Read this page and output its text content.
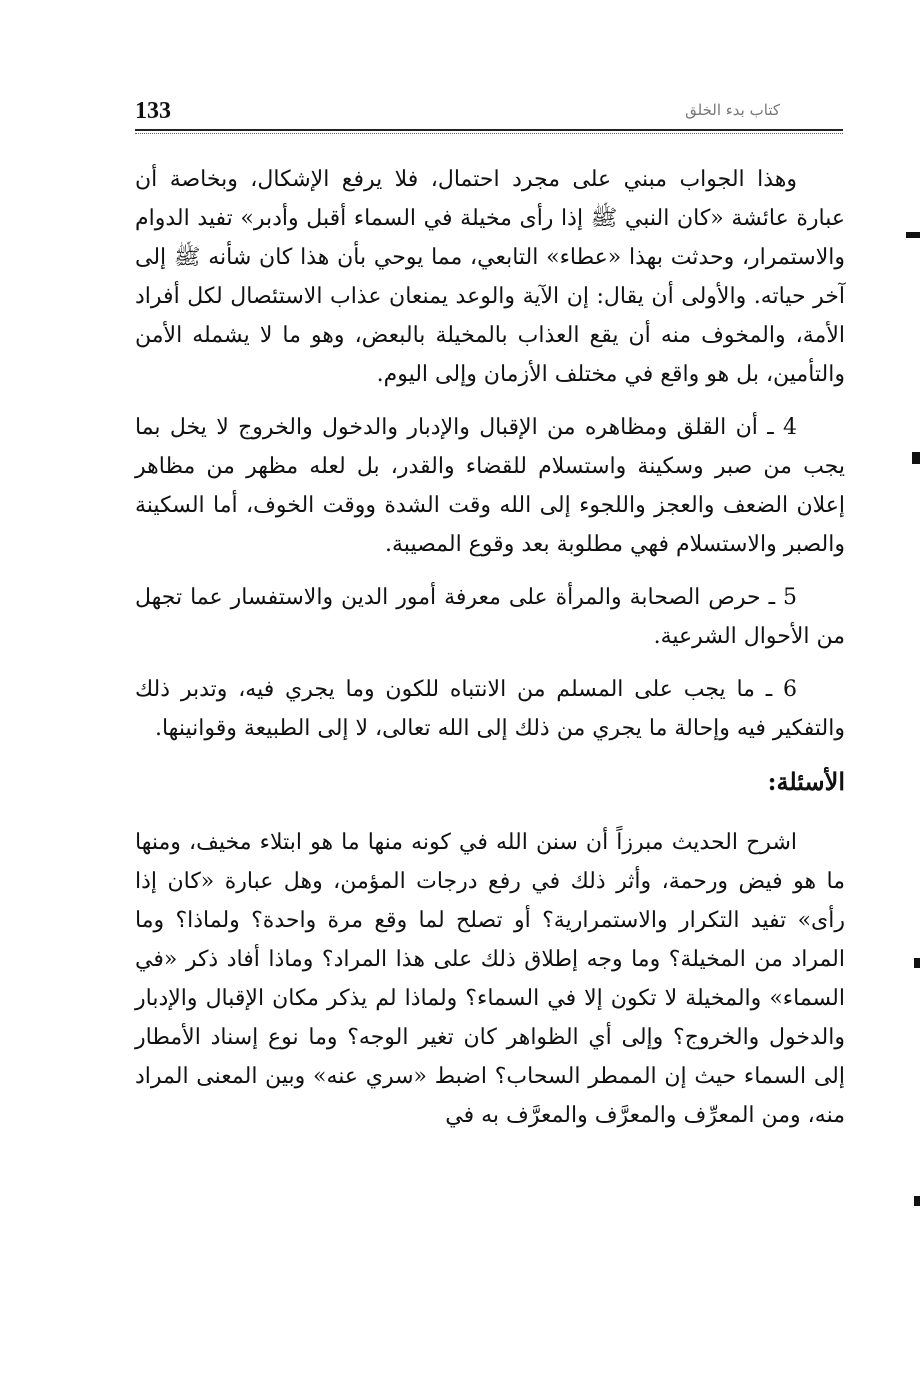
133	كتاب بدء الخلق

وهذا الجواب مبني على مجرد احتمال، فلا يرفع الإشكال، وبخاصة أن عبارة عائشة «كان النبي ﷺ إذا رأى مخيلة في السماء أقبل وأدبر» تفيد الدوام والاستمرار، وحدثت بهذا «عطاء» التابعي، مما يوحي بأن هذا كان شأنه ﷺ إلى آخر حياته. والأولى أن يقال: إن الآية والوعد يمنعان عذاب الاستئصال لكل أفراد الأمة، والمخوف منه أن يقع العذاب بالمخيلة بالبعض، وهو ما لا يشمله الأمن والتأمين، بل هو واقع في مختلف الأزمان وإلى اليوم.

4 ـ أن القلق ومظاهره من الإقبال والإدبار والدخول والخروج لا يخل بما يجب من صبر وسكينة واستسلام للقضاء والقدر، بل لعله مظهر من مظاهر إعلان الضعف والعجز واللجوء إلى الله وقت الشدة ووقت الخوف، أما السكينة والصبر والاستسلام فهي مطلوبة بعد وقوع المصيبة.

5 ـ حرص الصحابة والمرأة على معرفة أمور الدين والاستفسار عما تجهل من الأحوال الشرعية.

6 ـ ما يجب على المسلم من الانتباه للكون وما يجري فيه، وتدبر ذلك والتفكير فيه وإحالة ما يجري من ذلك إلى الله تعالى، لا إلى الطبيعة وقوانينها.

الأسئلة:

اشرح الحديث مبرزاً أن سنن الله في كونه منها ما هو ابتلاء مخيف، ومنها ما هو فيض ورحمة، وأثر ذلك في رفع درجات المؤمن، وهل عبارة «كان إذا رأى» تفيد التكرار والاستمرارية؟ أو تصلح لما وقع مرة واحدة؟ ولماذا؟ وما المراد من المخيلة؟ وما وجه إطلاق ذلك على هذا المراد؟ وماذا أفاد ذكر «في السماء» والمخيلة لا تكون إلا في السماء؟ ولماذا لم يذكر مكان الإقبال والإدبار والدخول والخروج؟ وإلى أي الظواهر كان تغير الوجه؟ وما نوع إسناد الأمطار إلى السماء حيث إن الممطر السحاب؟ اضبط «سري عنه» وبين المعنى المراد منه، ومن المعرِّف والمعرَّف والمعرَّف به في
